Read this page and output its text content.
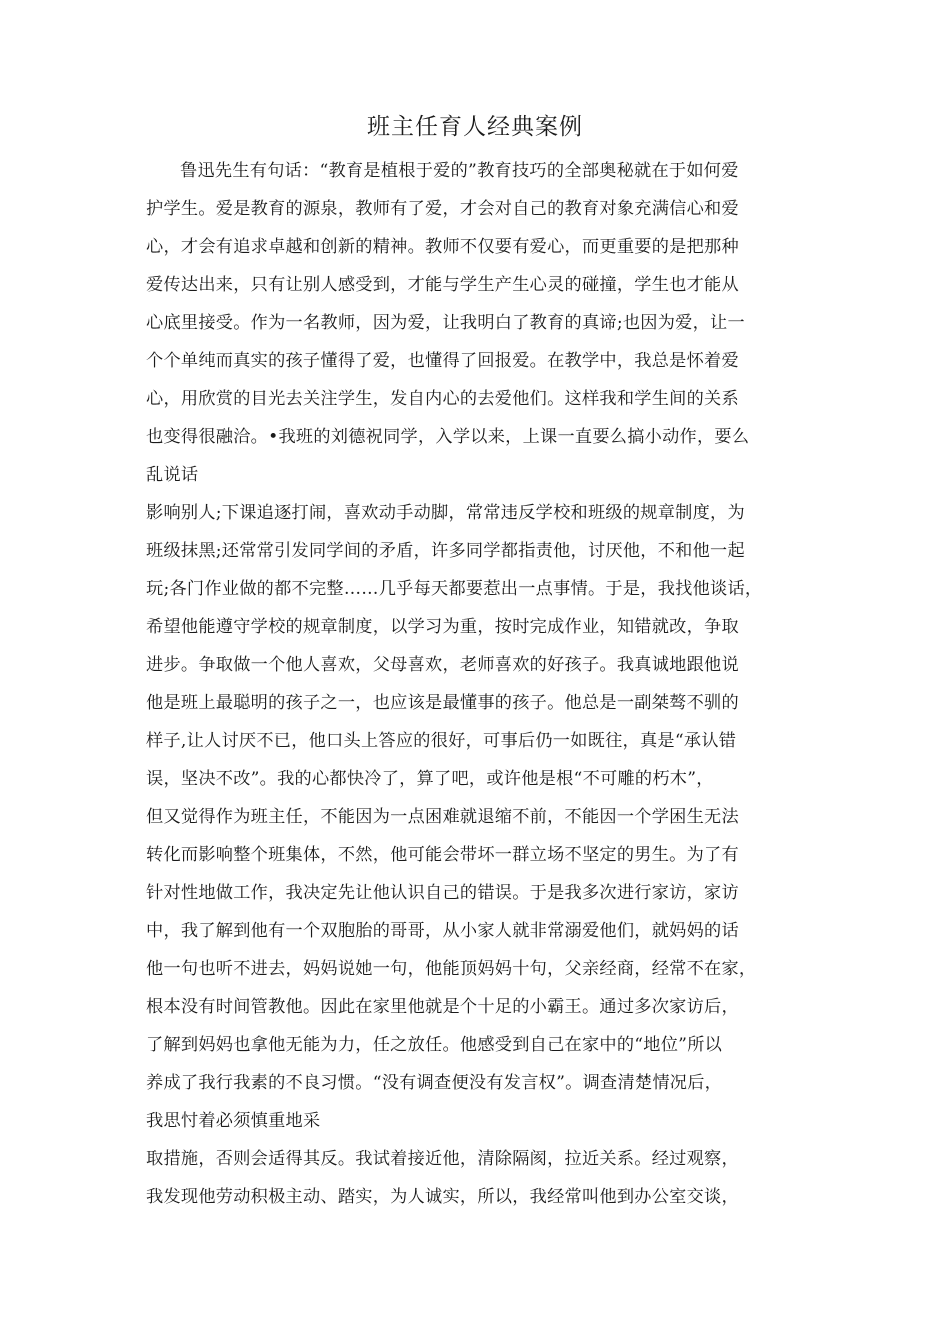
班主任育人经典案例
鲁迅先生有句话：“教育是植根于爱的”教育技巧的全部奥秘就在于如何爱
护学生。爱是教育的源泉，教师有了爱，才会对自己的教育对象充满信心和爱
心，才会有追求卓越和创新的精神。教师不仅要有爱心，而更重要的是把那种
爱传达出来，只有让别人感受到，才能与学生产生心灵的碰撞，学生也才能从
心底里接受。作为一名教师，因为爱，让我明白了教育的真谛;也因为爱，让一
个个单纯而真实的孩子懂得了爱，也懂得了回报爱。在教学中，我总是怀着爱
心，用欣赏的目光去关注学生，发自内心的去爱他们。这样我和学生间的关系
也变得很融洽。•我班的刘德祝同学，入学以来，上课一直要么搞小动作，要么
乱说话
影响别人;下课追逐打闹，喜欢动手动脚，常常违反学校和班级的规章制度，为
班级抹黑;还常常引发同学间的矛盾，许多同学都指责他，讨厌他，不和他一起
玩;各门作业做的都不完整……几乎每天都要惹出一点事情。于是，我找他谈话，
希望他能遵守学校的规章制度，以学习为重，按时完成作业，知错就改，争取
进步。争取做一个他人喜欢，父母喜欢，老师喜欢的好孩子。我真诚地跟他说
他是班上最聪明的孩子之一，也应该是最懂事的孩子。他总是一副桀骜不驯的
样子,让人讨厌不已，他口头上答应的很好，可事后仍一如既往，真是“承认错
误，坚决不改”。我的心都快冷了，算了吧，或许他是根“不可雕的朽木”，
但又觉得作为班主任，不能因为一点困难就退缩不前，不能因一个学困生无法
转化而影响整个班集体，不然，他可能会带坏一群立场不坚定的男生。为了有
针对性地做工作，我决定先让他认识自己的错误。于是我多次进行家访，家访
中，我了解到他有一个双胞胎的哥哥，从小家人就非常溺爱他们，就妈妈的话
他一句也听不进去，妈妈说她一句，他能顶妈妈十句，父亲经商，经常不在家，
根本没有时间管教他。因此在家里他就是个十足的小霸王。通过多次家访后，
了解到妈妈也拿他无能为力，任之放任。他感受到自己在家中的“地位”所以
养成了我行我素的不良习惯。“没有调查便没有发言权”。调查清楚情况后，
我思忖着必须慎重地采
取措施，否则会适得其反。我试着接近他，清除隔阂，拉近关系。经过观察，
我发现他劳动积极主动、踏实，为人诚实，所以，我经常叫他到办公室交谈，
